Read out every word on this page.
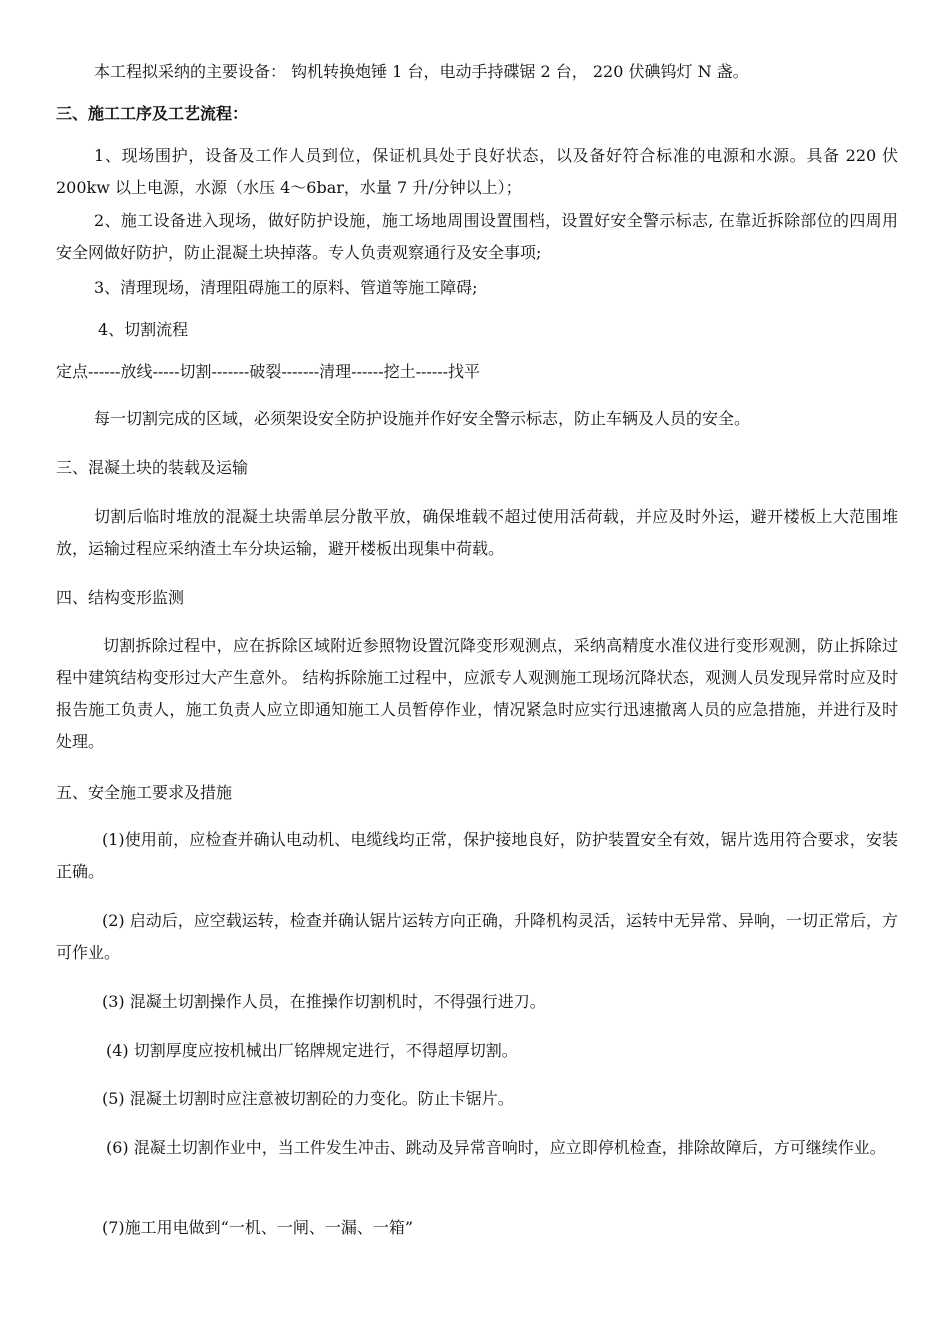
本工程拟采纳的主要设备： 钩机转换炮锤 1 台，电动手持碟锯 2 台， 220 伏碘钨灯 N 盏。

三、施工工序及工艺流程：

1、现场围护，设备及工作人员到位，保证机具处于良好状态，以及备好符合标准的电源和水源。具备 220 伏 200kw 以上电源，水源（水压 4～6bar，水量 7 升/分钟以上）；

2、施工设备进入现场，做好防护设施，施工场地周围设置围档，设置好安全警示标志, 在靠近拆除部位的四周用安全网做好防护，防止混凝土块掉落。专人负责观察通行及安全事项;

3、清理现场，清理阻碍施工的原料、管道等施工障碍;

4、切割流程

定点------放线-----切割-------破裂-------清理------挖土------找平

每一切割完成的区域，必须架设安全防护设施并作好安全警示标志，防止车辆及人员的安全。

三、混凝土块的装载及运输

切割后临时堆放的混凝土块需单层分散平放，确保堆载不超过使用活荷载，并应及时外运，避开楼板上大范围堆放，运输过程应采纳渣土车分块运输，避开楼板出现集中荷载。

四、结构变形监测

切割拆除过程中，应在拆除区域附近参照物设置沉降变形观测点，采纳高精度水准仪进行变形观测，防止拆除过程中建筑结构变形过大产生意外。 结构拆除施工过程中，应派专人观测施工现场沉降状态，观测人员发现异常时应及时报告施工负责人，施工负责人应立即通知施工人员暂停作业，情况紧急时应实行迅速撤离人员的应急措施，并进行及时处理。

五、安全施工要求及措施

(1)使用前，应检查并确认电动机、电缆线均正常，保护接地良好，防护装置安全有效，锯片选用符合要求，安装正确。

(2) 启动后，应空载运转，检查并确认锯片运转方向正确，升降机构灵活，运转中无异常、异响，一切正常后，方可作业。

(3) 混凝土切割操作人员，在推操作切割机时，不得强行进刀。

(4) 切割厚度应按机械出厂铭牌规定进行，不得超厚切割。

(5) 混凝土切割时应注意被切割砼的力变化。防止卡锯片。

(6) 混凝土切割作业中，当工件发生冲击、跳动及异常音响时，应立即停机检查，排除故障后，方可继续作业。

(7)施工用电做到“一机、一闸、一漏、一箱”
